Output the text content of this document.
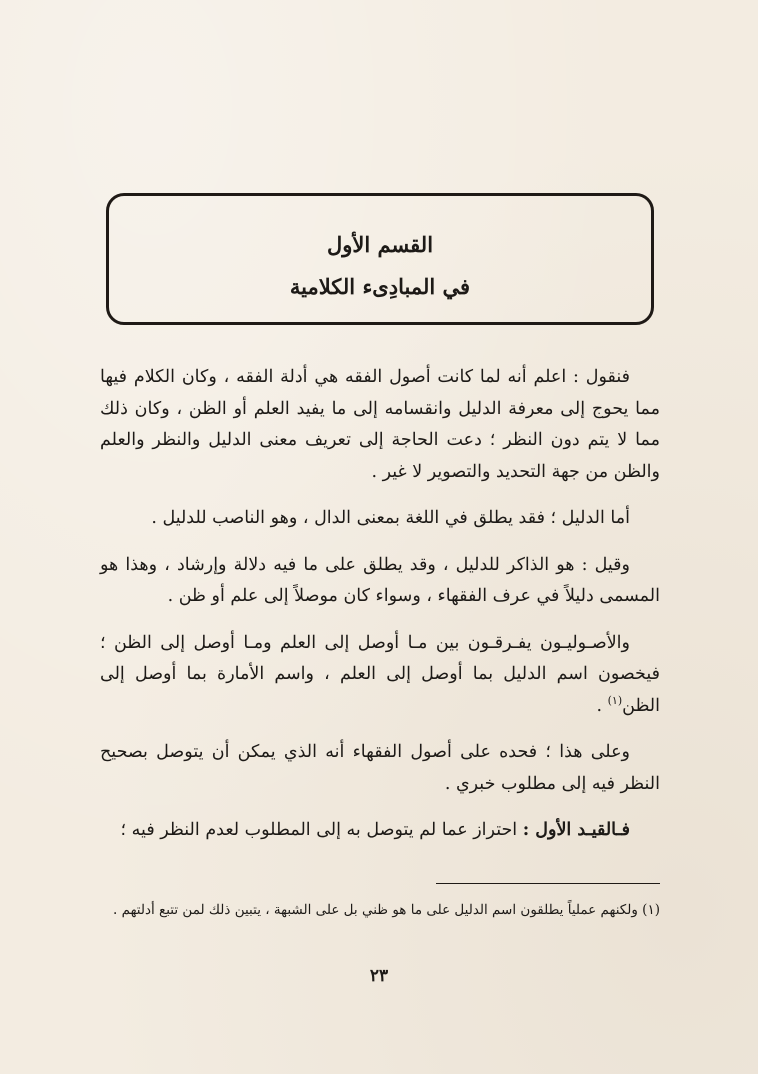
القسم الأول
في المبادِىء الكلامية

فنقول : اعلم أنه لما كانت أصول الفقه هي أدلة الفقه ، وكان الكلام فيها مما يحوج إلى معرفة الدليل وانقسامه إلى ما يفيد العلم أو الظن ، وكان ذلك مما لا يتم دون النظر ؛ دعت الحاجة إلى تعريف معنى الدليل والنظر والعلم والظن من جهة التحديد والتصوير لا غير .

أما الدليل ؛ فقد يطلق في اللغة بمعنى الدال ، وهو الناصب للدليل .

وقيل : هو الذاكر للدليل ، وقد يطلق على ما فيه دلالة وإرشاد ، وهذا هو المسمى دليلاً في عرف الفقهاء ، وسواء كان موصلاً إلى علم أو ظن .

والأصـوليـون يفـرقـون بين مـا أوصل إلى العلم ومـا أوصل إلى الظن ؛ فيخصون اسم الدليل بما أوصل إلى العلم ، واسم الأمارة بما أوصل إلى الظن$^{(١)}$ .

وعلى هذا ؛ فحده على أصول الفقهاء أنه الذي يمكن أن يتوصل بصحيح النظر فيه إلى مطلوب خبري .

فـالقيـد الأول : احتراز عما لم يتوصل به إلى المطلوب لعدم النظر فيه ؛

(١) ولكنهم عملياً يطلقون اسم الدليل على ما هو ظني بل على الشبهة ، يتبين ذلك لمن تتبع أدلتهم .
٢٣
